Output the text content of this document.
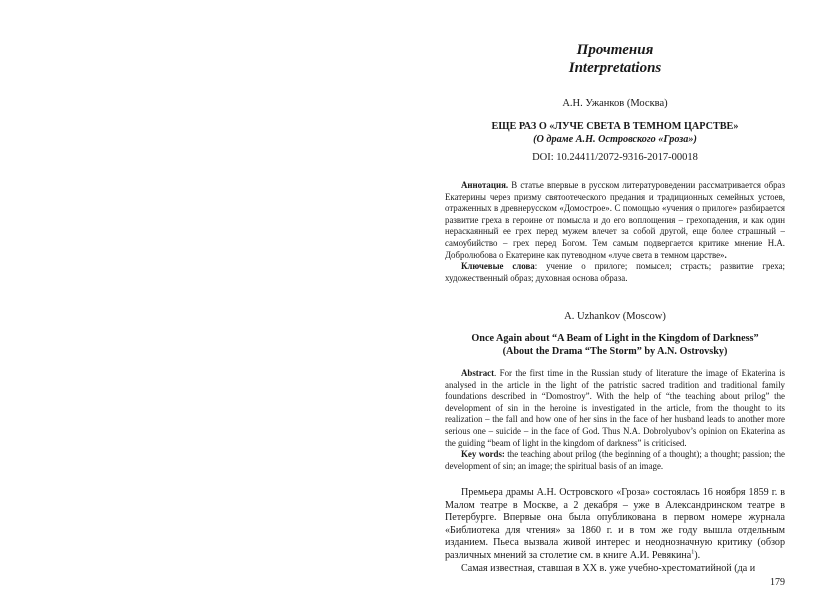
Прочтения
Interpretations
А.Н. Ужанков (Москва)
ЕЩЕ РАЗ О «ЛУЧЕ СВЕТА В ТЕМНОМ ЦАРСТВЕ»
(О драме А.Н. Островского «Гроза»)
DOI: 10.24411/2072-9316-2017-00018

Аннотация. В статье впервые в русском литературоведении рассматривается образ Екатерины через призму святоотеческого предания и традиционных семейных устоев, отраженных в древнерусском «Домострое». С помощью «учения о прилоге» разбирается развитие греха в героине от помысла и до его воплощения – грехопадения, и как один нераскаянный ее грех перед мужем влечет за собой другой, еще более страшный – самоубийство – грех перед Богом. Тем самым подвергается критике мнение Н.А. Добролюбова о Екатерине как путеводном «луче света в темном царстве».

Ключевые слова: учение о прилоге; помысел; страсть; развитие греха; художественный образ; духовная основа образа.

A. Uzhankov (Moscow)
Once Again about “A Beam of Light in the Kingdom of Darkness”
(About the Drama “The Storm” by A.N. Ostrovsky)

Abstract. For the first time in the Russian study of literature the image of Ekaterina is analysed in the article in the light of the patristic sacred tradition and traditional family foundations described in “Domostroy”. With the help of “the teaching about prilog” the development of sin in the heroine is investigated in the article, from the thought to its realization – the fall and how one of her sins in the face of her husband leads to another more serious one – suicide – in the face of God. Thus N.A. Dobrolyubov’s opinion on Ekaterina as the guiding “beam of light in the kingdom of darkness” is criticised.

Key words: the teaching about prilog (the beginning of a thought); a thought; passion; the development of sin; an image; the spiritual basis of an image.

Премьера драмы А.Н. Островского «Гроза» состоялась 16 ноября 1859 г. в Малом театре в Москве, а 2 декабря – уже в Александринском театре в Петербурге. Впервые она была опубликована в первом номере журнала «Библиотека для чтения» за 1860 г. и в том же году вышла отдельным изданием. Пьеса вызвала живой интерес и неоднозначную критику (обзор различных мнений за столетие см. в книге А.И. Ревякина$^1$).

Самая известная, ставшая в XX в. уже учебно-хрестоматийной (да и

179
